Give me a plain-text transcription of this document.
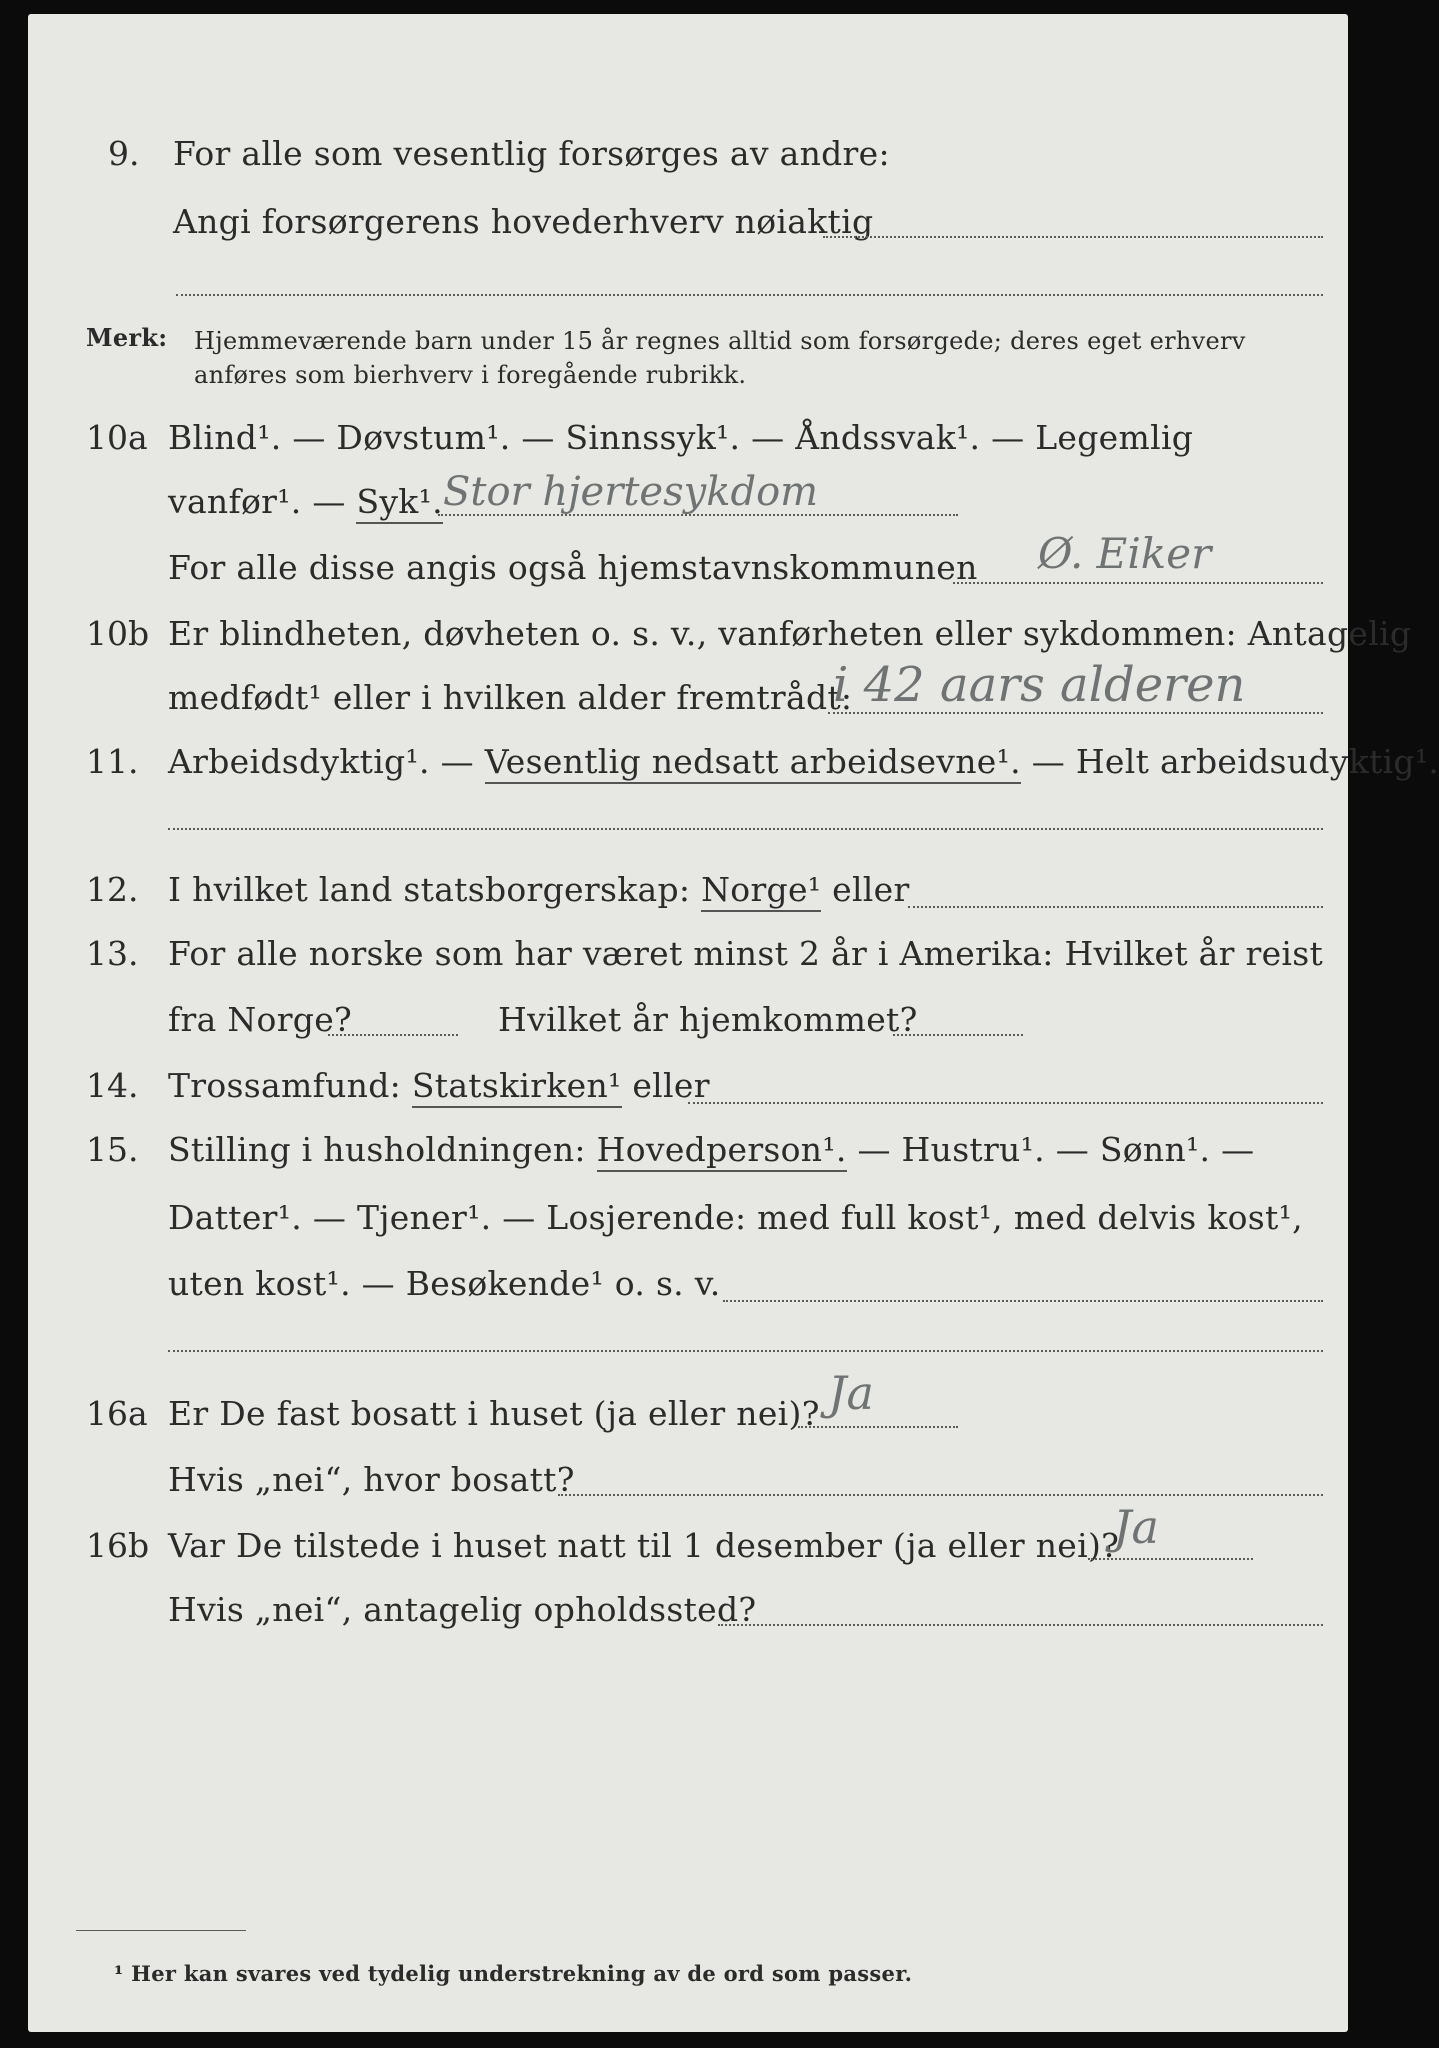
9. For alle som vesentlig forsørges av andre:
Angi forsørgerens hovederhverv nøiaktig
Merk: Hjemmeværende barn under 15 år regnes alltid som forsørgede; deres eget erhverv
anføres som bierhverv i foregående rubrikk.
10a Blind¹. — Døvstum¹. — Sinnssyk¹. — Åndssvak¹. — Legemlig
vanfør¹. — Syk¹. Stor hjertesykdom
For alle disse angis også hjemstavnskommunen Ø. Eiker
10b Er blindheten, døvheten o. s. v., vanførheten eller sykdommen: Antagelig
medfødt¹ eller i hvilken alder fremtrådt:
i 42 aars alderen
11. Arbeidsdyktig¹. — Vesentlig nedsatt arbeidsevne¹. — Helt arbeidsudyktig¹.
12. I hvilket land statsborgerskap: Norge¹ eller
13. For alle norske som har været minst 2 år i Amerika: Hvilket år reist
fra Norge?	Hvilket år hjemkommet?
14. Trossamfund: Statskirken¹ eller
15. Stilling i husholdningen: Hovedperson¹. — Hustru¹. — Sønn¹. —
Datter¹. — Tjener¹. — Losjerende: med full kost¹, med delvis kost¹,
uten kost¹. — Besøkende¹ o. s. v.
16a Er De fast bosatt i huset (ja eller nei)? Ja
Hvis „nei“, hvor bosatt?
16b Var De tilstede i huset natt til 1 desember (ja eller nei)?
Ja
Hvis „nei“, antagelig opholdssted?
¹ Her kan svares ved tydelig understrekning av de ord som passer.
